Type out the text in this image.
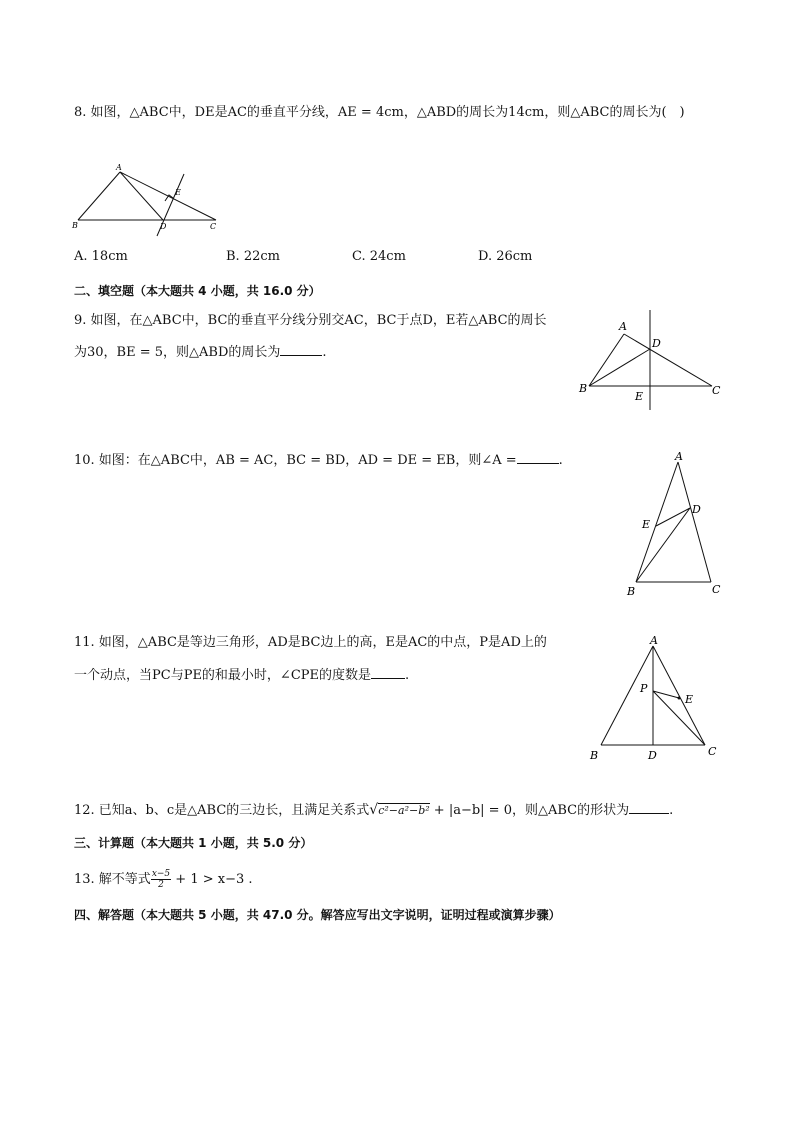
8. 如图，△ABC中，DE是AC的垂直平分线，AE = 4cm，△ABD的周长为14cm，则△ABC的周长为(　)
A
B	C
D
E
A. 18cm	B. 22cm	C. 24cm	D. 26cm
二、填空题（本大题共 4 小题，共 16.0 分）
9. 如图，在△ABC中，BC的垂直平分线分别交AC，BC于点D，E若△ABC的周长
为30，BE = 5，则△ABD的周长为	.
A
B	C
D
E
10. 如图：在△ABC中，AB = AC，BC = BD，AD = DE = EB，则∠A =	.	A
B	C
D
E
11. 如图，△ABC是等边三角形，AD是BC边上的高，E是AC的中点，P是AD上的
一个动点，当PC与PE的和最小时，∠CPE的度数是	.
A
B	C
D
E
P
12. 已知a、b、c是△ABC的三边长，且满足关系式√c²−a²−b² + |a−b| = 0，则△ABC的形状为	.
三、计算题（本大题共 1 小题，共 5.0 分）
13. 解不等式 $\frac{x-5}{2} + 1 > x-3$ .
四、解答题（本大题共 5 小题，共 47.0 分。解答应写出文字说明，证明过程或演算步骤）
